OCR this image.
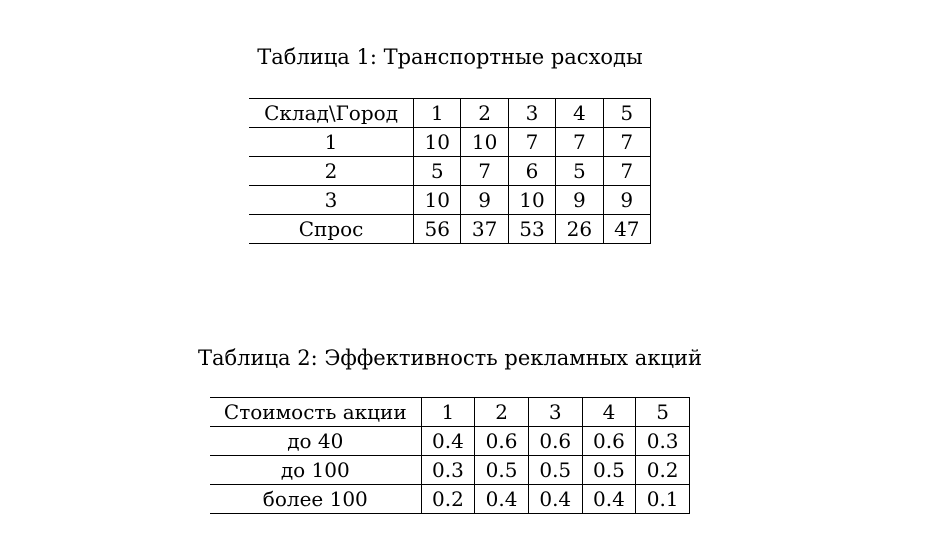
Таблица 1: Транспортные расходы
Склад\Город	1	2	3	4	5
1	10	10	7	7	7
2	5	7	6	5	7
3	10	9	10	9	9
Спрос	56	37	53	26	47
Таблица 2: Эффективность рекламных акций
Стоимость акции	1	2	3	4	5
до 40	0.4	0.6	0.6	0.6	0.3
до 100	0.3	0.5	0.5	0.5	0.2
более 100	0.2	0.4	0.4	0.4	0.1
